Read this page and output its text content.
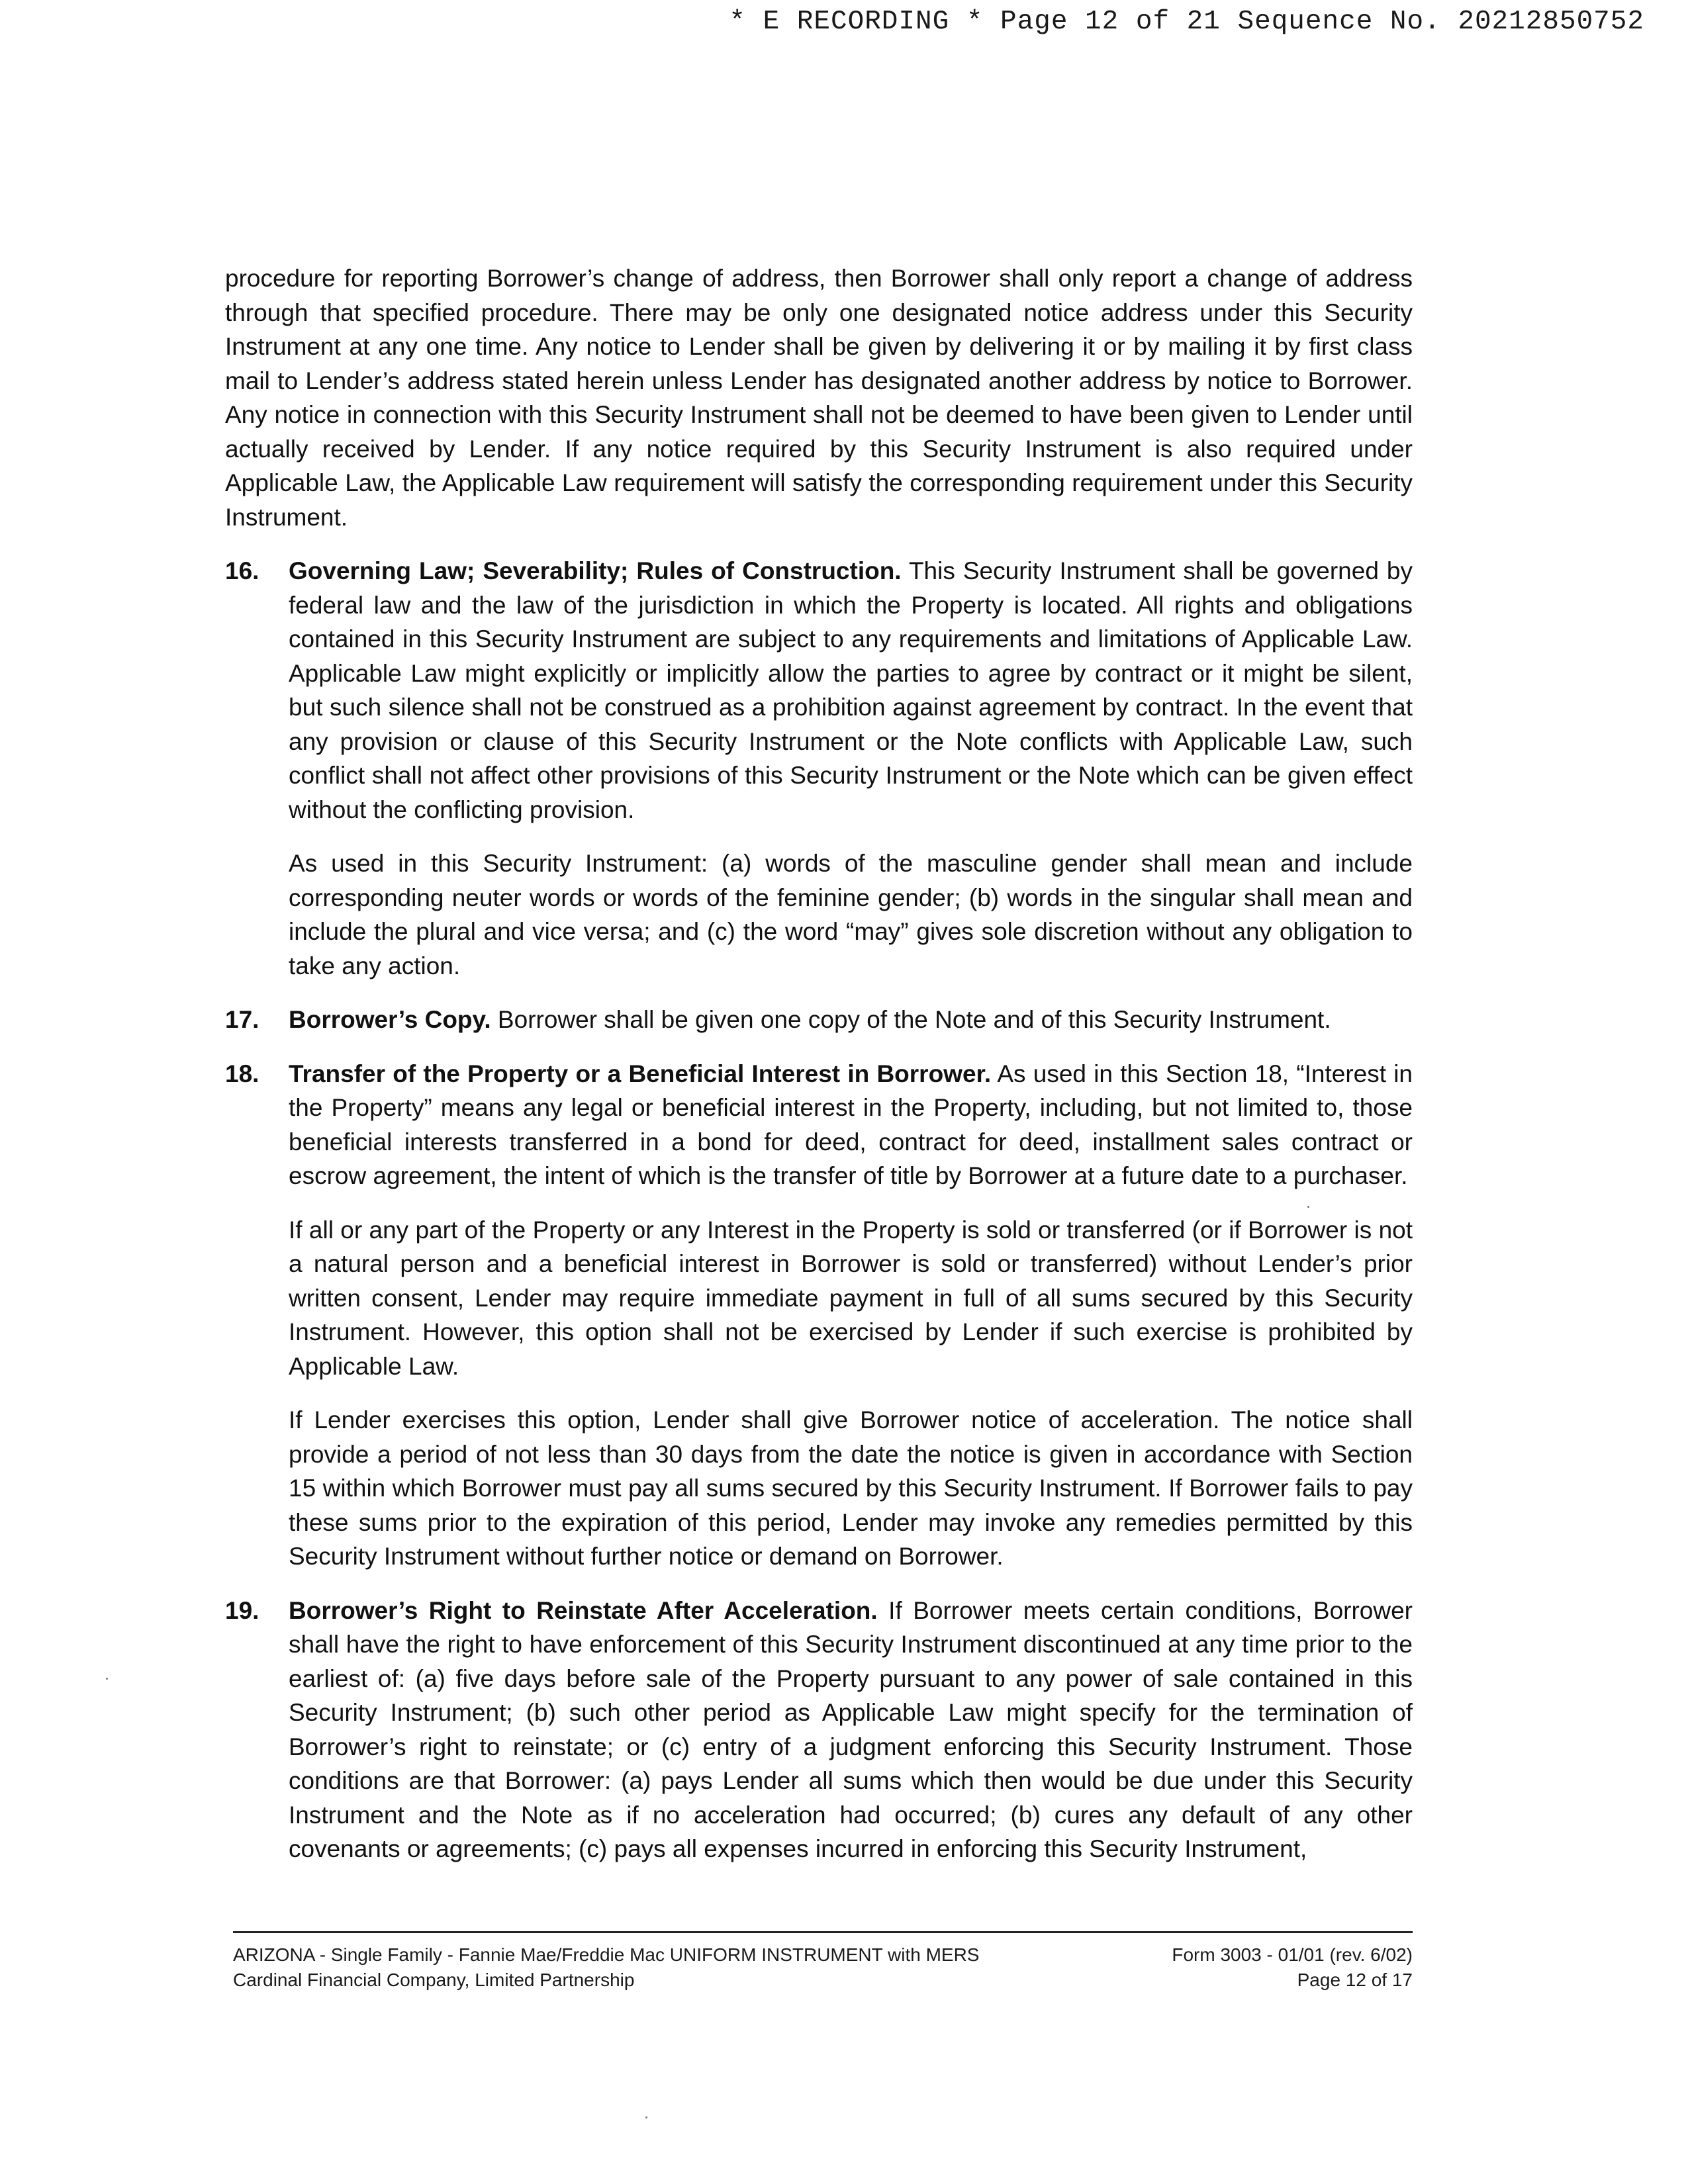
* E RECORDING * Page 12 of 21 Sequence No. 20212850752

procedure for reporting Borrower’s change of address, then Borrower shall only report a change of address through that specified procedure. There may be only one designated notice address under this Security Instrument at any one time. Any notice to Lender shall be given by delivering it or by mailing it by first class mail to Lender’s address stated herein unless Lender has designated another address by notice to Borrower. Any notice in connection with this Security Instrument shall not be deemed to have been given to Lender until actually received by Lender. If any notice required by this Security Instrument is also required under Applicable Law, the Applicable Law requirement will satisfy the corresponding requirement under this Security Instrument.

16. Governing Law; Severability; Rules of Construction. This Security Instrument shall be governed by federal law and the law of the jurisdiction in which the Property is located. All rights and obligations contained in this Security Instrument are subject to any requirements and limitations of Applicable Law. Applicable Law might explicitly or implicitly allow the parties to agree by contract or it might be silent, but such silence shall not be construed as a prohibition against agreement by contract. In the event that any provision or clause of this Security Instrument or the Note conflicts with Applicable Law, such conflict shall not affect other provisions of this Security Instrument or the Note which can be given effect without the conflicting provision.

As used in this Security Instrument: (a) words of the masculine gender shall mean and include corresponding neuter words or words of the feminine gender; (b) words in the singular shall mean and include the plural and vice versa; and (c) the word “may” gives sole discretion without any obligation to take any action.

17. Borrower’s Copy. Borrower shall be given one copy of the Note and of this Security Instrument.

18. Transfer of the Property or a Beneficial Interest in Borrower. As used in this Section 18, “Interest in the Property” means any legal or beneficial interest in the Property, including, but not limited to, those beneficial interests transferred in a bond for deed, contract for deed, installment sales contract or escrow agreement, the intent of which is the transfer of title by Borrower at a future date to a purchaser.

If all or any part of the Property or any Interest in the Property is sold or transferred (or if Borrower is not a natural person and a beneficial interest in Borrower is sold or transferred) without Lender’s prior written consent, Lender may require immediate payment in full of all sums secured by this Security Instrument. However, this option shall not be exercised by Lender if such exercise is prohibited by Applicable Law.

If Lender exercises this option, Lender shall give Borrower notice of acceleration. The notice shall provide a period of not less than 30 days from the date the notice is given in accordance with Section 15 within which Borrower must pay all sums secured by this Security Instrument. If Borrower fails to pay these sums prior to the expiration of this period, Lender may invoke any remedies permitted by this Security Instrument without further notice or demand on Borrower.

19. Borrower’s Right to Reinstate After Acceleration. If Borrower meets certain conditions, Borrower shall have the right to have enforcement of this Security Instrument discontinued at any time prior to the earliest of: (a) five days before sale of the Property pursuant to any power of sale contained in this Security Instrument; (b) such other period as Applicable Law might specify for the termination of Borrower’s right to reinstate; or (c) entry of a judgment enforcing this Security Instrument. Those conditions are that Borrower: (a) pays Lender all sums which then would be due under this Security Instrument and the Note as if no acceleration had occurred; (b) cures any default of any other covenants or agreements; (c) pays all expenses incurred in enforcing this Security Instrument,

ARIZONA - Single Family - Fannie Mae/Freddie Mac UNIFORM INSTRUMENT with MERS	Form 3003 - 01/01 (rev. 6/02)
Cardinal Financial Company, Limited Partnership	Page 12 of 17
